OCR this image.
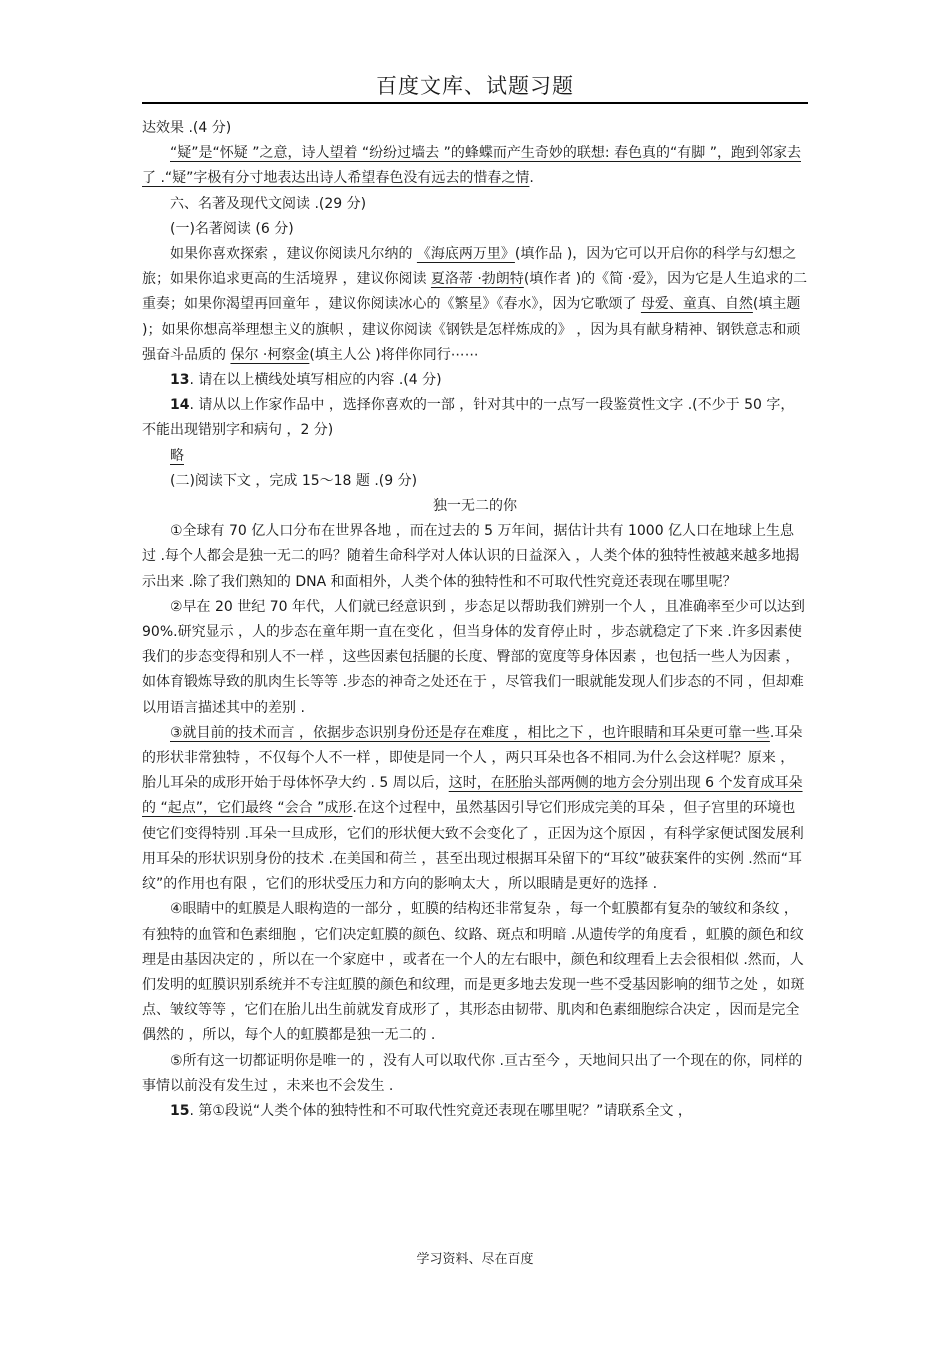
百度文库、试题习题

达效果 .(4 分)

“疑”是“怀疑 ”之意，诗人望着 “纷纷过墙去 ”的蜂蝶而产生奇妙的联想: 春色真的“有脚 ”，跑到邻家去了 .“疑”字极有分寸地表达出诗人希望春色没有远去的惜春之情.

六、名著及现代文阅读 .(29 分)

(一)名著阅读 (6 分)

如果你喜欢探索 ，建议你阅读凡尔纳的 《海底两万里》(填作品 )，因为它可以开启你的科学与幻想之旅；如果你追求更高的生活境界 ，建议你阅读 夏洛蒂 ·勃朗特(填作者 )的《简 ·爱》，因为它是人生追求的二重奏；如果你渴望再回童年 ，建议你阅读冰心的《繁星》《春水》，因为它歌颂了 母爱、童真、自然(填主题 )；如果你想高举理想主义的旗帜 ，建议你阅读《钢铁是怎样炼成的》 ，因为具有献身精神、钢铁意志和顽强奋斗品质的 保尔 ·柯察金(填主人公 )将伴你同行⋯⋯

13. 请在以上横线处填写相应的内容 .(4 分)

14. 请从以上作家作品中 ，选择你喜欢的一部 ，针对其中的一点写一段鉴赏性文字 .(不少于 50 字，不能出现错别字和病句 ，2 分)

略

(二)阅读下文 ，完成 15～18 题 .(9 分)

独一无二的你

①全球有 70 亿人口分布在世界各地 ，而在过去的 5 万年间，据估计共有 1000 亿人口在地球上生息过 .每个人都会是独一无二的吗？随着生命科学对人体认识的日益深入 ，人类个体的独特性被越来越多地揭示出来 .除了我们熟知的 DNA 和面相外，人类个体的独特性和不可取代性究竟还表现在哪里呢？

②早在 20 世纪 70 年代，人们就已经意识到 ，步态足以帮助我们辨别一个人 ，且准确率至少可以达到 90%.研究显示 ，人的步态在童年期一直在变化 ，但当身体的发育停止时 ，步态就稳定了下来 .许多因素使我们的步态变得和别人不一样 ，这些因素包括腿的长度、臀部的宽度等身体因素 ，也包括一些人为因素 ，如体育锻炼导致的肌肉生长等等 .步态的神奇之处还在于 ，尽管我们一眼就能发现人们步态的不同 ，但却难以用语言描述其中的差别 .

③就目前的技术而言 ，依据步态识别身份还是存在难度 ，相比之下 ，也许眼睛和耳朵更可靠一些.耳朵的形状非常独特 ，不仅每个人不一样 ，即使是同一个人 ，两只耳朵也各不相同.为什么会这样呢？原来 ，胎儿耳朵的成形开始于母体怀孕大约 . 5 周以后，这时，在胚胎头部两侧的地方会分别出现 6 个发育成耳朵的 “起点”，它们最终 “会合 ”成形.在这个过程中，虽然基因引导它们形成完美的耳朵 ，但子宫里的环境也使它们变得特别 .耳朵一旦成形，它们的形状便大致不会变化了 ，正因为这个原因 ，有科学家便试图发展利用耳朵的形状识别身份的技术 .在美国和荷兰 ，甚至出现过根据耳朵留下的“耳纹”破获案件的实例 .然而“耳纹”的作用也有限 ，它们的形状受压力和方向的影响太大 ，所以眼睛是更好的选择 .

④眼睛中的虹膜是人眼构造的一部分 ，虹膜的结构还非常复杂 ，每一个虹膜都有复杂的皱纹和条纹 ，有独特的血管和色素细胞 ，它们决定虹膜的颜色、纹路、斑点和明暗 .从遗传学的角度看 ，虹膜的颜色和纹理是由基因决定的 ，所以在一个家庭中 ，或者在一个人的左右眼中，颜色和纹理看上去会很相似 .然而，人们发明的虹膜识别系统并不专注虹膜的颜色和纹理，而是更多地去发现一些不受基因影响的细节之处 ，如斑点、皱纹等等 ，它们在胎儿出生前就发育成形了 ，其形态由韧带、肌肉和色素细胞综合决定 ，因而是完全偶然的 ，所以，每个人的虹膜都是独一无二的 .

⑤所有这一切都证明你是唯一的 ，没有人可以取代你 .亘古至今 ，天地间只出了一个现在的你，同样的事情以前没有发生过 ，未来也不会发生 .

15. 第①段说“人类个体的独特性和不可取代性究竟还表现在哪里呢？”请联系全文 ，

学习资料、尽在百度
